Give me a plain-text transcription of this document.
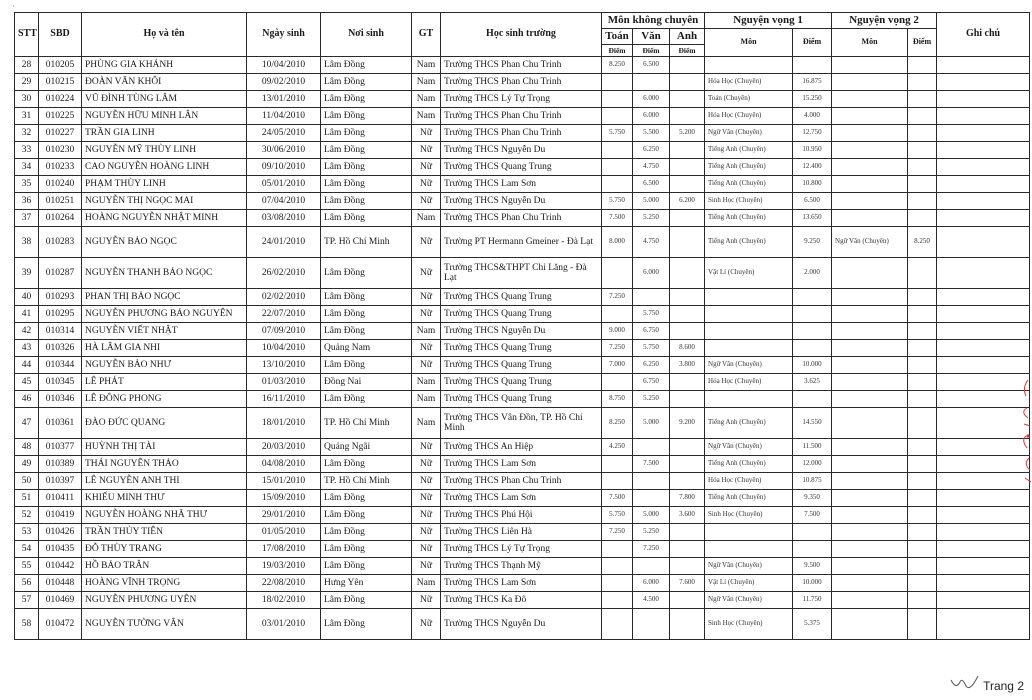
·
STT	SBD	Họ và tên	Ngày sinh	Nơi sinh	GT	Học sinh trường	Môn không chuyên			Nguyện vọng 1		Nguyện vọng 2		Ghi chú
							Toán	Văn	Anh	Môn	Điểm	Môn	Điểm	
							Điểm	Điểm	Điểm					
28	010205	PHÙNG GIA KHÁNH	10/04/2010	Lâm Đồng	Nam	Trường THCS Phan Chu Trinh	8.250	6.500						
29	010215	ĐOÀN VĂN KHÔI	09/02/2010	Lâm Đồng	Nam	Trường THCS Phan Chu Trinh				Hóa Học (Chuyên)	16.875			
30	010224	VŨ ĐÌNH TÙNG LÂM	13/01/2010	Lâm Đồng	Nam	Trường THCS Lý Tự Trọng		6.000		Toán (Chuyên)	15.250			
31	010225	NGUYỄN HỮU MINH LÂN	11/04/2010	Lâm Đồng	Nam	Trường THCS Phan Chu Trinh		6.000		Hóa Học (Chuyên)	4.000			
32	010227	TRẦN GIA LINH	24/05/2010	Lâm Đồng	Nữ	Trường THCS Phan Chu Trinh	5.750	5.500	5.200	Ngữ Văn (Chuyên)	12.750			
33	010230	NGUYỄN MỸ THÙY LINH	30/06/2010	Lâm Đồng	Nữ	Trường THCS Nguyễn Du		6.250		Tiếng Anh (Chuyên)	10.950			
34	010233	CAO NGUYỄN HOÀNG LINH	09/10/2010	Lâm Đồng	Nữ	Trường THCS Quang Trung		4.750		Tiếng Anh (Chuyên)	12.400			
35	010240	PHẠM THÙY LINH	05/01/2010	Lâm Đồng	Nữ	Trường THCS Lam Sơn		6.500		Tiếng Anh (Chuyên)	10.800			
36	010251	NGUYỄN THỊ NGỌC MAI	07/04/2010	Lâm Đồng	Nữ	Trường THCS Nguyễn Du	5.750	5.000	6.200	Sinh Học (Chuyên)	6.500			
37	010264	HOÀNG NGUYỄN NHẬT MINH	03/08/2010	Lâm Đồng	Nam	Trường THCS Phan Chu Trinh	7.500	5.250		Tiếng Anh (Chuyên)	13.650			
38	010283	NGUYỄN BẢO NGỌC	24/01/2010	TP. Hồ Chí Minh	Nữ	Trường PT Hermann Gmeiner - Đà Lạt	8.000	4.750		Tiếng Anh (Chuyên)	9.250	Ngữ Văn (Chuyên)	8.250	
39	010287	NGUYỄN THANH BẢO NGỌC	26/02/2010	Lâm Đồng	Nữ	Trường THCS&THPT Chi Lăng - Đà Lạt		6.000		Vật Lí (Chuyên)	2.000			
40	010293	PHAN THỊ BẢO NGỌC	02/02/2010	Lâm Đồng	Nữ	Trường THCS Quang Trung	7.250							
41	010295	NGUYỄN PHƯƠNG BẢO NGUYÊN	22/07/2010	Lâm Đồng	Nữ	Trường THCS Quang Trung		5.750						
42	010314	NGUYỄN VIẾT NHẬT	07/09/2010	Lâm Đồng	Nam	Trường THCS Nguyễn Du	9.000	6.750						
43	010326	HÀ LÂM GIA NHI	10/04/2010	Quảng Nam	Nữ	Trường THCS Quang Trung	7.250	5.750	8.600					
44	010344	NGUYỄN BẢO NHƯ	13/10/2010	Lâm Đồng	Nữ	Trường THCS Quang Trung	7.000	6.250	3.800	Ngữ Văn (Chuyên)	10.000			
45	010345	LÊ PHÁT	01/03/2010	Đồng Nai	Nam	Trường THCS Quang Trung		6.750		Hóa Học (Chuyên)	3.625			
46	010346	LÊ ĐÔNG PHONG	16/11/2010	Lâm Đồng	Nam	Trường THCS Quang Trung	8.750	5.250						
47	010361	ĐÀO ĐỨC QUANG	18/01/2010	TP. Hồ Chí Minh	Nam	Trường THCS Vân Đồn, TP. Hồ Chí Minh	8.250	5.000	9.200	Tiếng Anh (Chuyên)	14.550			
48	010377	HUỲNH THỊ TÀI	20/03/2010	Quảng Ngãi	Nữ	Trường THCS An Hiệp	4.250			Ngữ Văn (Chuyên)	11.500			
49	010389	THÁI NGUYÊN THẢO	04/08/2010	Lâm Đồng	Nữ	Trường THCS Lam Sơn		7.500		Tiếng Anh (Chuyên)	12.000			
50	010397	LÊ NGUYỄN ANH THI	15/01/2010	TP. Hồ Chí Minh	Nữ	Trường THCS Phan Chu Trinh				Hóa Học (Chuyên)	10.875			
51	010411	KHIẾU MINH THƯ	15/09/2010	Lâm Đồng	Nữ	Trường THCS Lam Sơn	7.500		7.800	Tiếng Anh (Chuyên)	9.350			
52	010419	NGUYỄN HOÀNG NHÃ THƯ	29/01/2010	Lâm Đồng	Nữ	Trường THCS Phú Hội	5.750	5.000	3.600	Sinh Học (Chuyên)	7.500			
53	010426	TRẦN THỦY TIÊN	01/05/2010	Lâm Đồng	Nữ	Trường THCS Liên Hà	7.250	5.250						
54	010435	ĐỖ THÙY TRANG	17/08/2010	Lâm Đồng	Nữ	Trường THCS Lý Tự Trọng		7.250						
55	010442	HỒ BẢO TRÂN	19/03/2010	Lâm Đồng	Nữ	Trường THCS Thạnh Mỹ				Ngữ Văn (Chuyên)	9.500			
56	010448	HOÀNG VĨNH TRỌNG	22/08/2010	Hưng Yên	Nam	Trường THCS Lam Sơn		6.000	7.600	Vật Lí (Chuyên)	10.000			
57	010469	NGUYỄN PHƯƠNG UYÊN	18/02/2010	Lâm Đồng	Nữ	Trường THCS Ka Đô		4.500		Ngữ Văn (Chuyên)	11.750			
58	010472	NGUYỄN TƯỜNG VÂN	03/01/2010	Lâm Đồng	Nữ	Trường THCS Nguyễn Du				Sinh Học (Chuyên)	5.375			
Trang 2
